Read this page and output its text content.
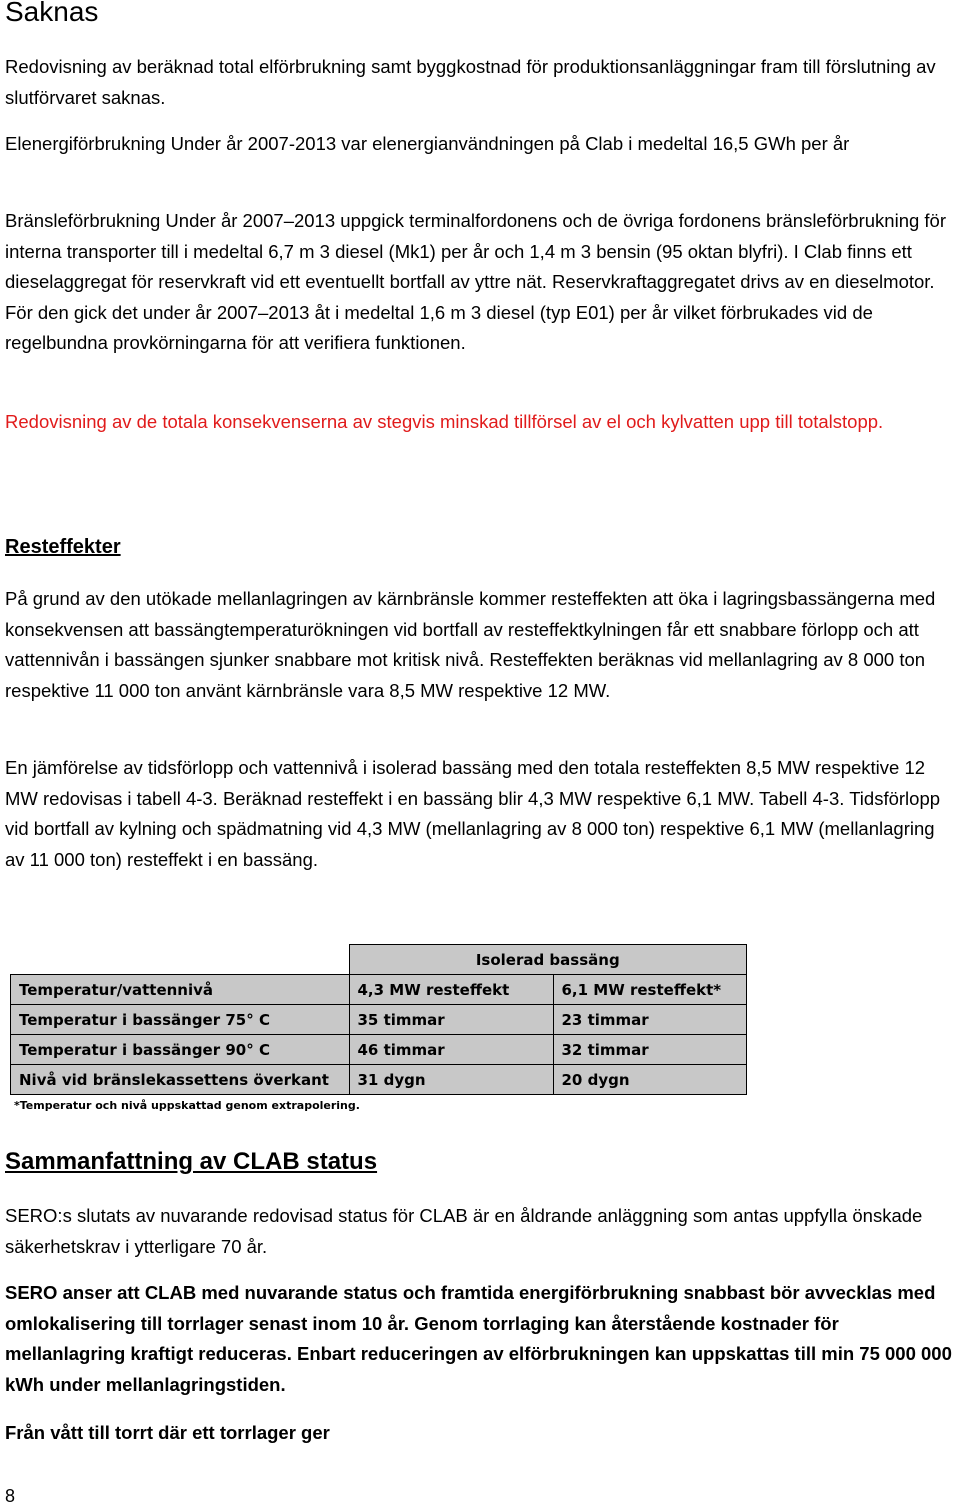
Saknas

Redovisning av beräknad total elförbrukning samt byggkostnad för produktionsanläggningar fram till förslutning av slutförvaret saknas.

Elenergiförbrukning Under år 2007-2013 var elenergianvändningen på Clab i medeltal 16,5 GWh per år

Bränsleförbrukning Under år 2007–2013 uppgick terminalfordonens och de övriga fordonens bränsleförbrukning för interna transporter till i medeltal 6,7 m 3 diesel (Mk1) per år och 1,4 m 3 bensin (95 oktan blyfri). I Clab finns ett dieselaggregat för reservkraft vid ett eventuellt bortfall av yttre nät. Reservkraftaggregatet drivs av en dieselmotor. För den gick det under år 2007–2013 åt i medeltal 1,6 m 3 diesel (typ E01) per år vilket förbrukades vid de regelbundna provkörningarna för att verifiera funktionen.

Redovisning av de totala konsekvenserna av stegvis minskad tillförsel av el och kylvatten upp till totalstopp.

Resteffekter

På grund av den utökade mellanlagringen av kärnbränsle kommer resteffekten att öka i lagringsbassängerna med konsekvensen att bassängtemperaturökningen vid bortfall av resteffektkylningen får ett snabbare förlopp och att vattennivån i bassängen sjunker snabbare mot kritisk nivå. Resteffekten beräknas vid mellanlagring av 8 000 ton respektive 11 000 ton använt kärnbränsle vara 8,5 MW respektive 12 MW.

En jämförelse av tidsförlopp och vattennivå i isolerad bassäng med den totala resteffekten 8,5 MW respektive 12 MW redovisas i tabell 4-3. Beräknad resteffekt i en bassäng blir 4,3 MW respektive 6,1 MW. Tabell 4-3. Tidsförlopp vid bortfall av kylning och spädmatning vid 4,3 MW (mellanlagring av 8 000 ton) respektive 6,1 MW (mellanlagring av 11 000 ton) resteffekt i en bassäng.

Sammanfattning av CLAB status

SERO:s slutats av nuvarande redovisad status för CLAB är en åldrande anläggning som antas uppfylla önskade säkerhetskrav i ytterligare 70 år.

SERO anser att CLAB med nuvarande status och framtida energiförbrukning snabbast bör avvecklas med omlokalisering till torrlager senast inom 10 år. Genom torrlaging kan återstående kostnader för mellanlagring kraftigt reduceras. Enbart reduceringen av elförbrukningen kan uppskattas till min 75 000 000 kWh under mellanlagringstiden.

Från vått till torrt där ett torrlager ger

8
	Isolerad bassäng	
Temperatur/vattennivå	4,3 MW resteffekt	6,1 MW resteffekt*
Temperatur i bassänger 75° C	35 timmar	23 timmar
Temperatur i bassänger 90° C	46 timmar	32 timmar
Nivå vid bränslekassettens överkant	31 dygn	20 dygn
*Temperatur och nivå uppskattad genom extrapolering.
